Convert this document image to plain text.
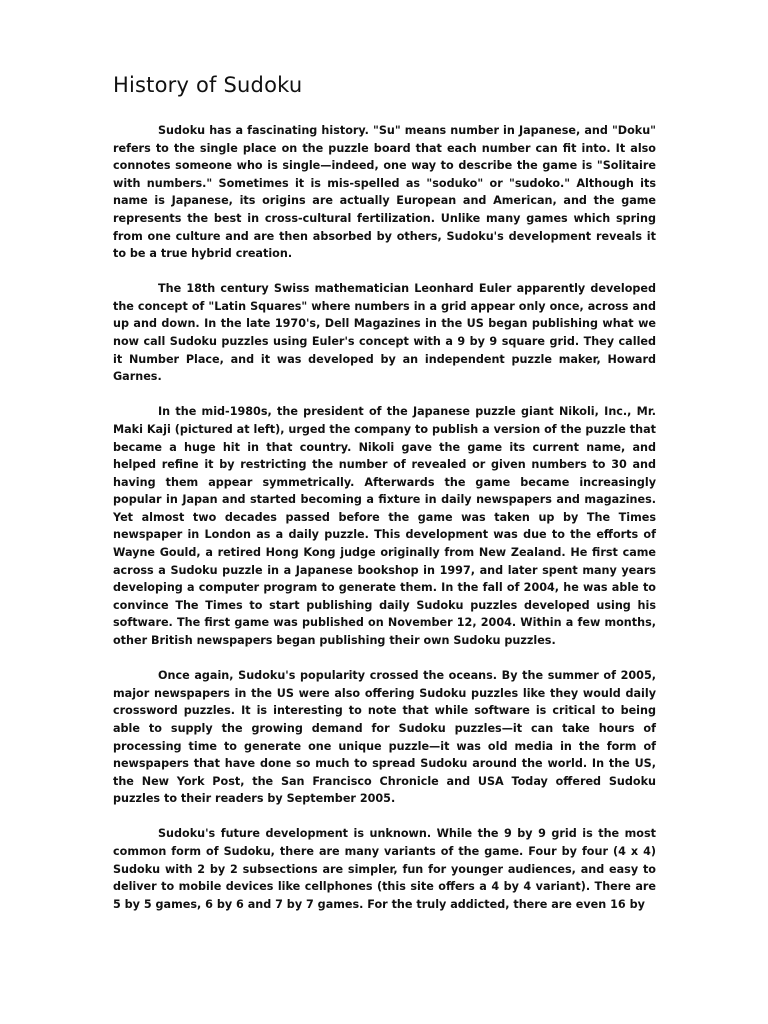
History of Sudoku

Sudoku has a fascinating history. "Su" means number in Japanese, and "Doku" refers to the single place on the puzzle board that each number can fit into. It also connotes someone who is single—indeed, one way to describe the game is "Solitaire with numbers." Sometimes it is mis-spelled as "soduko" or "sudoko." Although its name is Japanese, its origins are actually European and American, and the game represents the best in cross-cultural fertilization. Unlike many games which spring from one culture and are then absorbed by others, Sudoku's development reveals it to be a true hybrid creation.

The 18th century Swiss mathematician Leonhard Euler apparently developed the concept of "Latin Squares" where numbers in a grid appear only once, across and up and down. In the late 1970's, Dell Magazines in the US began publishing what we now call Sudoku puzzles using Euler's concept with a 9 by 9 square grid. They called it Number Place, and it was developed by an independent puzzle maker, Howard Garnes.

In the mid-1980s, the president of the Japanese puzzle giant Nikoli, Inc., Mr. Maki Kaji (pictured at left), urged the company to publish a version of the puzzle that became a huge hit in that country. Nikoli gave the game its current name, and helped refine it by restricting the number of revealed or given numbers to 30 and having them appear symmetrically. Afterwards the game became increasingly popular in Japan and started becoming a fixture in daily newspapers and magazines. Yet almost two decades passed before the game was taken up by The Times newspaper in London as a daily puzzle. This development was due to the efforts of Wayne Gould, a retired Hong Kong judge originally from New Zealand. He first came across a Sudoku puzzle in a Japanese bookshop in 1997, and later spent many years developing a computer program to generate them. In the fall of 2004, he was able to convince The Times to start publishing daily Sudoku puzzles developed using his software. The first game was published on November 12, 2004. Within a few months, other British newspapers began publishing their own Sudoku puzzles.

Once again, Sudoku's popularity crossed the oceans. By the summer of 2005, major newspapers in the US were also offering Sudoku puzzles like they would daily crossword puzzles. It is interesting to note that while software is critical to being able to supply the growing demand for Sudoku puzzles—it can take hours of processing time to generate one unique puzzle—it was old media in the form of newspapers that have done so much to spread Sudoku around the world. In the US, the New York Post, the San Francisco Chronicle and USA Today offered Sudoku puzzles to their readers by September 2005.

Sudoku's future development is unknown. While the 9 by 9 grid is the most common form of Sudoku, there are many variants of the game. Four by four (4 x 4) Sudoku with 2 by 2 subsections are simpler, fun for younger audiences, and easy to deliver to mobile devices like cellphones (this site offers a 4 by 4 variant). There are 5 by 5 games, 6 by 6 and 7 by 7 games. For the truly addicted, there are even 16 by
